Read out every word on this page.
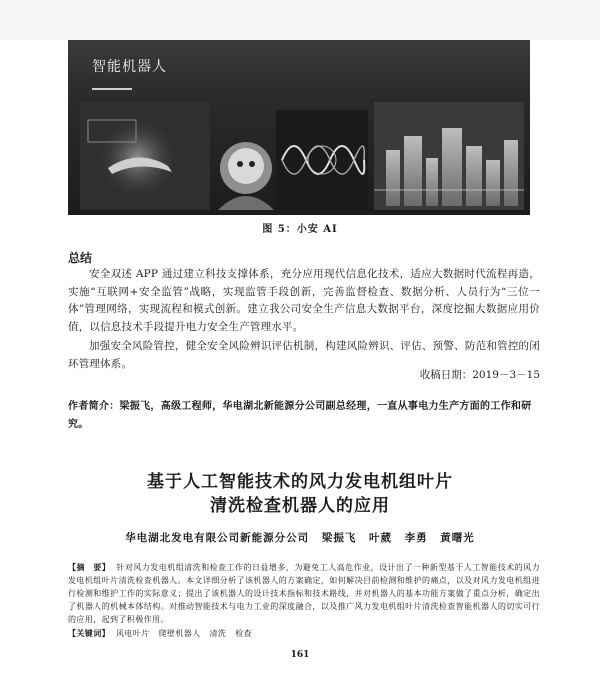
智能机器人
图 5：小安 AI
总结

安全双述 APP 通过建立科技支撑体系，充分应用现代信息化技术，适应大数据时代流程再造，实施“互联网+安全监管”战略，实现监管手段创新，完善监督检查、数据分析、人员行为“三位一体”管理网络，实现流程和模式创新。建立我公司安全生产信息大数据平台，深度挖掘大数据应用价值，以信息技术手段提升电力安全生产管理水平。

加强安全风险管控，健全安全风险辨识评估机制，构建风险辨识、评估、预警、防范和管控的闭环管理体系。

收稿日期：2019－3－15
作者简介：梁振飞，高级工程师，华电湖北新能源分公司副总经理，一直从事电力生产方面的工作和研究。
基于人工智能技术的风力发电机组叶片
清洗检查机器人的应用
华电湖北发电有限公司新能源分公司 梁振飞 叶葳 李勇 黄曙光
【摘　要】 针对风力发电机组清洗和检查工作的日益增多，为避免工人高危作业，设计出了一种新型基于人工智能技术的风力发电机组叶片清洗检查机器人。本文详细分析了该机器人的方案确定，如何解决目前检测和维护的痛点，以及对风力发电机组进行检测和维护工作的实际意义；提出了该机器人的设计技术指标和技术路线，并对机器人的基本功能方案做了重点分析，确定出了机器人的机械本体结构。对推动智能技术与电力工业的深度融合，以及推广风力发电机组叶片清洗检查智能机器人的切实可行的应用，起到了积极作用。
【关键词】 风电叶片 爬壁机器人 清洗 检查
161
